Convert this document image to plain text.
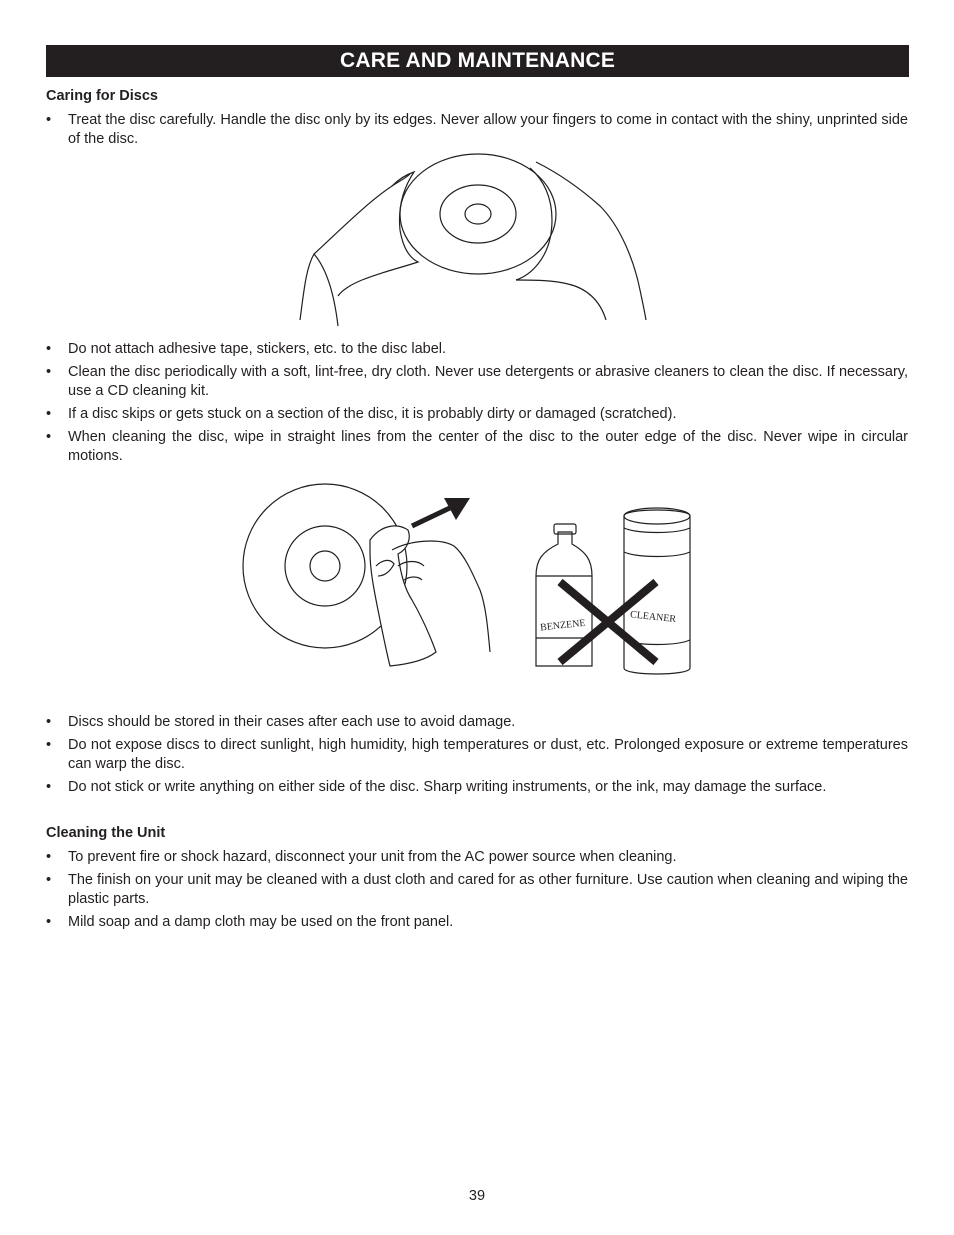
CARE AND MAINTENANCE
Caring for Discs
• Treat the disc carefully. Handle the disc only by its edges. Never allow your fingers to come in contact with the shiny, unprinted side of the disc.
• Do not attach adhesive tape, stickers, etc. to the disc label.
• Clean the disc periodically with a soft, lint-free, dry cloth. Never use detergents or abrasive cleaners to clean the disc. If necessary, use a CD cleaning kit.
• If a disc skips or gets stuck on a section of the disc, it is probably dirty or damaged (scratched).
• When cleaning the disc, wipe in straight lines from the center of the disc to the outer edge of the disc. Never wipe in circular motions.
BENZENE
CLEANER
• Discs should be stored in their cases after each use to avoid damage.
• Do not expose discs to direct sunlight, high humidity, high temperatures or dust, etc. Prolonged exposure or extreme temperatures can warp the disc.
• Do not stick or write anything on either side of the disc. Sharp writing instruments, or the ink, may damage the surface.
Cleaning the Unit
• To prevent fire or shock hazard, disconnect your unit from the AC power source when cleaning.
• The finish on your unit may be cleaned with a dust cloth and cared for as other furniture. Use caution when cleaning and wiping the plastic parts.
• Mild soap and a damp cloth may be used on the front panel.
39
